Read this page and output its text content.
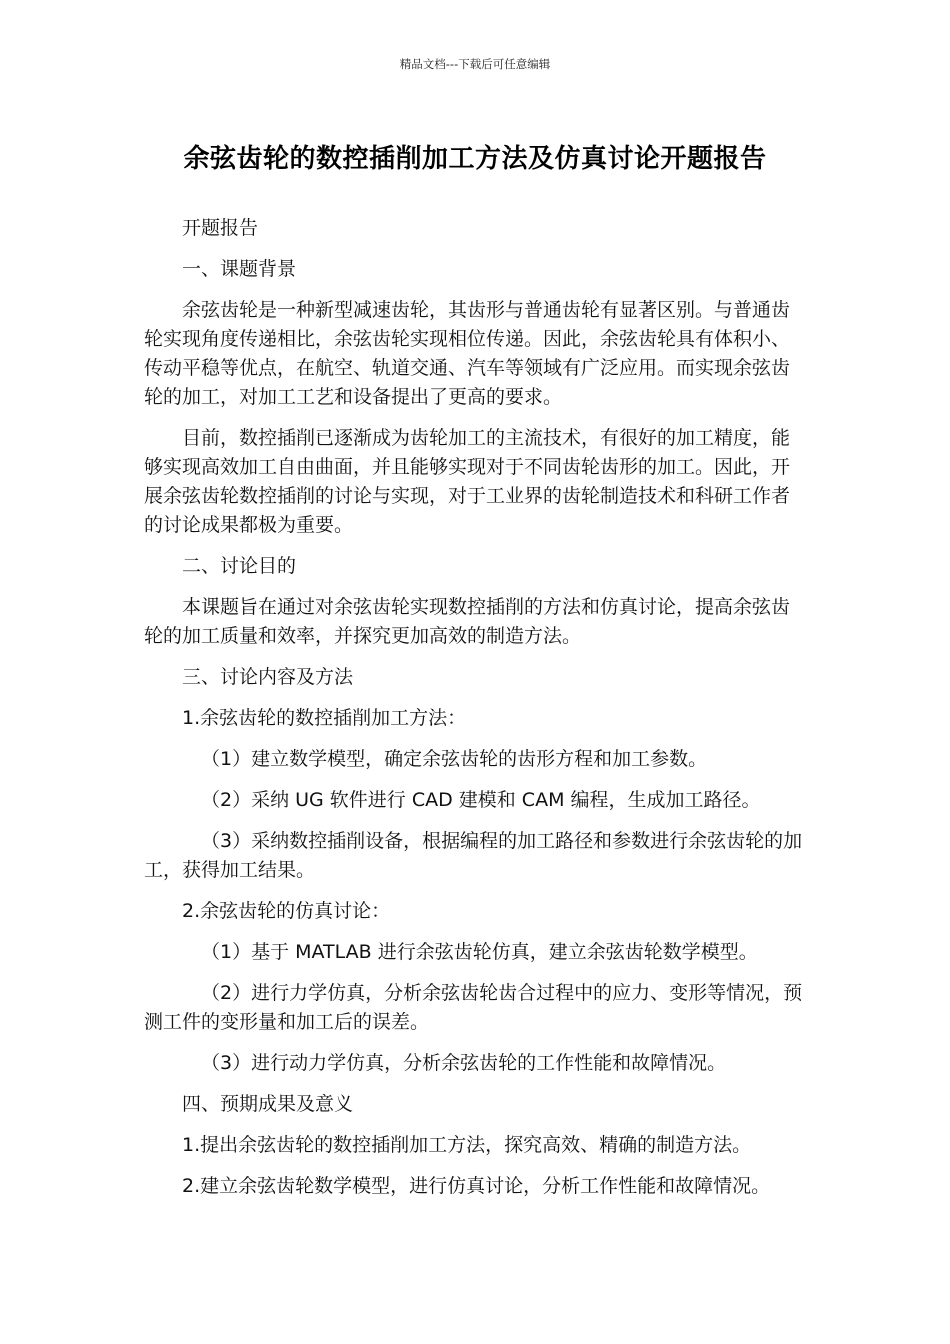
精品文档---下载后可任意编辑
余弦齿轮的数控插削加工方法及仿真讨论开题报告

开题报告

一、课题背景

余弦齿轮是一种新型减速齿轮，其齿形与普通齿轮有显著区别。与普通齿轮实现角度传递相比，余弦齿轮实现相位传递。因此，余弦齿轮具有体积小、传动平稳等优点，在航空、轨道交通、汽车等领域有广泛应用。而实现余弦齿轮的加工，对加工工艺和设备提出了更高的要求。

目前，数控插削已逐渐成为齿轮加工的主流技术，有很好的加工精度，能够实现高效加工自由曲面，并且能够实现对于不同齿轮齿形的加工。因此，开展余弦齿轮数控插削的讨论与实现，对于工业界的齿轮制造技术和科研工作者的讨论成果都极为重要。

二、讨论目的

本课题旨在通过对余弦齿轮实现数控插削的方法和仿真讨论，提高余弦齿轮的加工质量和效率，并探究更加高效的制造方法。

三、讨论内容及方法

1.余弦齿轮的数控插削加工方法：

（1）建立数学模型，确定余弦齿轮的齿形方程和加工参数。

（2）采纳 UG 软件进行 CAD 建模和 CAM 编程，生成加工路径。

（3）采纳数控插削设备，根据编程的加工路径和参数进行余弦齿轮的加工，获得加工结果。

2.余弦齿轮的仿真讨论：

（1）基于 MATLAB 进行余弦齿轮仿真，建立余弦齿轮数学模型。

（2）进行力学仿真，分析余弦齿轮齿合过程中的应力、变形等情况，预测工件的变形量和加工后的误差。

（3）进行动力学仿真，分析余弦齿轮的工作性能和故障情况。

四、预期成果及意义

1.提出余弦齿轮的数控插削加工方法，探究高效、精确的制造方法。

2.建立余弦齿轮数学模型，进行仿真讨论，分析工作性能和故障情况。
